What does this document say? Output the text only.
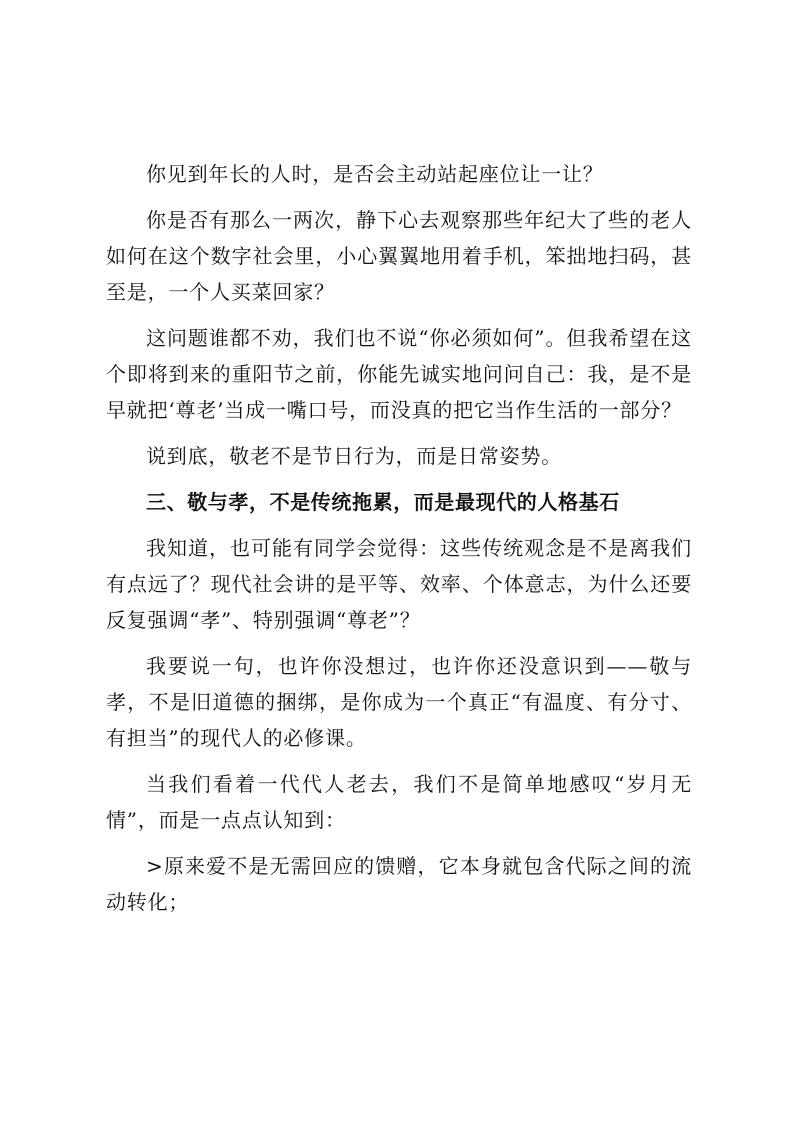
你见到年长的人时，是否会主动站起座位让一让？

你是否有那么一两次，静下心去观察那些年纪大了些的老人如何在这个数字社会里，小心翼翼地用着手机，笨拙地扫码，甚至是，一个人买菜回家？

这问题谁都不劝，我们也不说“你必须如何”。但我希望在这个即将到来的重阳节之前，你能先诚实地问问自己：我，是不是早就把‘尊老’当成一嘴口号，而没真的把它当作生活的一部分？

说到底，敬老不是节日行为，而是日常姿势。

三、敬与孝，不是传统拖累，而是最现代的人格基石

我知道，也可能有同学会觉得：这些传统观念是不是离我们有点远了？现代社会讲的是平等、效率、个体意志，为什么还要反复强调“孝”、特别强调“尊老”？

我要说一句，也许你没想过，也许你还没意识到——敬与孝，不是旧道德的捆绑，是你成为一个真正“有温度、有分寸、有担当”的现代人的必修课。

当我们看着一代代人老去，我们不是简单地感叹“岁月无情”，而是一点点认知到：

>原来爱不是无需回应的馈赠，它本身就包含代际之间的流动转化；
